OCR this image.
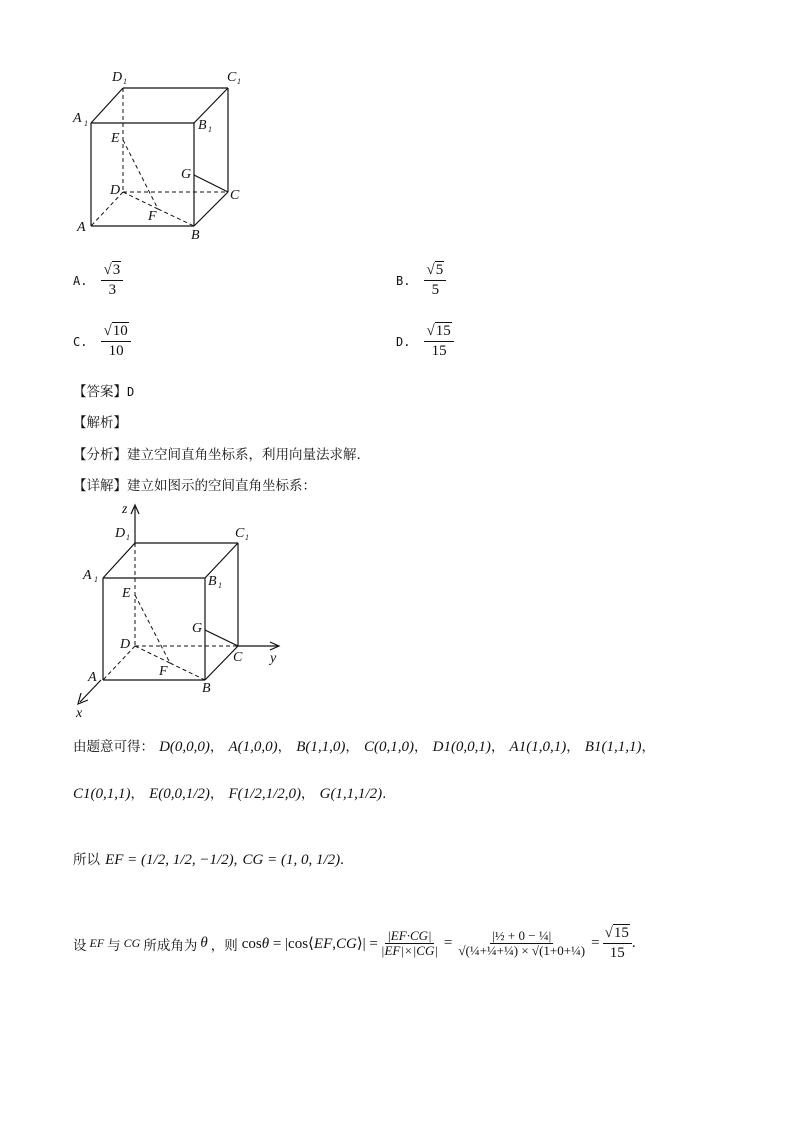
D 1	C 1
A 1	B 1
E
G
D	C
F
A
B
A. $\frac{√3}{3}$	B. $\frac{√5}{5}$
C. $\frac{√10}{10}$	D. $\frac{√15}{15}$
【答案】D
【解析】
【分析】建立空间直角坐标系，利用向量法求解.
【详解】建立如图示的空间直角坐标系：
z
y
x
D 1	C 1
A 1	B 1
E
G
D
C
F
A
B
由题意可得： D(0,0,0)， A(1,0,0)， B(1,1,0)， C(0,1,0)， D1(0,0,1)， A1(1,0,1)， B1(1,1,1)，
C1(0,1,1)， E(0,0,1/2)， F(1/2,1/2,0)， G(1,1,1/2).
所以 EF = (1/2, 1/2, −1/2), CG = (1, 0, 1/2).
设 EF 与 CG 所成角为 θ ，则 cosθ = |cos⟨EF,CG⟩| = $\frac{|EF\cdot CG|}{|EF|\times|CG|} = \frac{\text{|½ + 0 − ¼|}}{\text{√(¼+¼+¼) × √(1+0+¼)}} = \frac{√15}{15}$ .
